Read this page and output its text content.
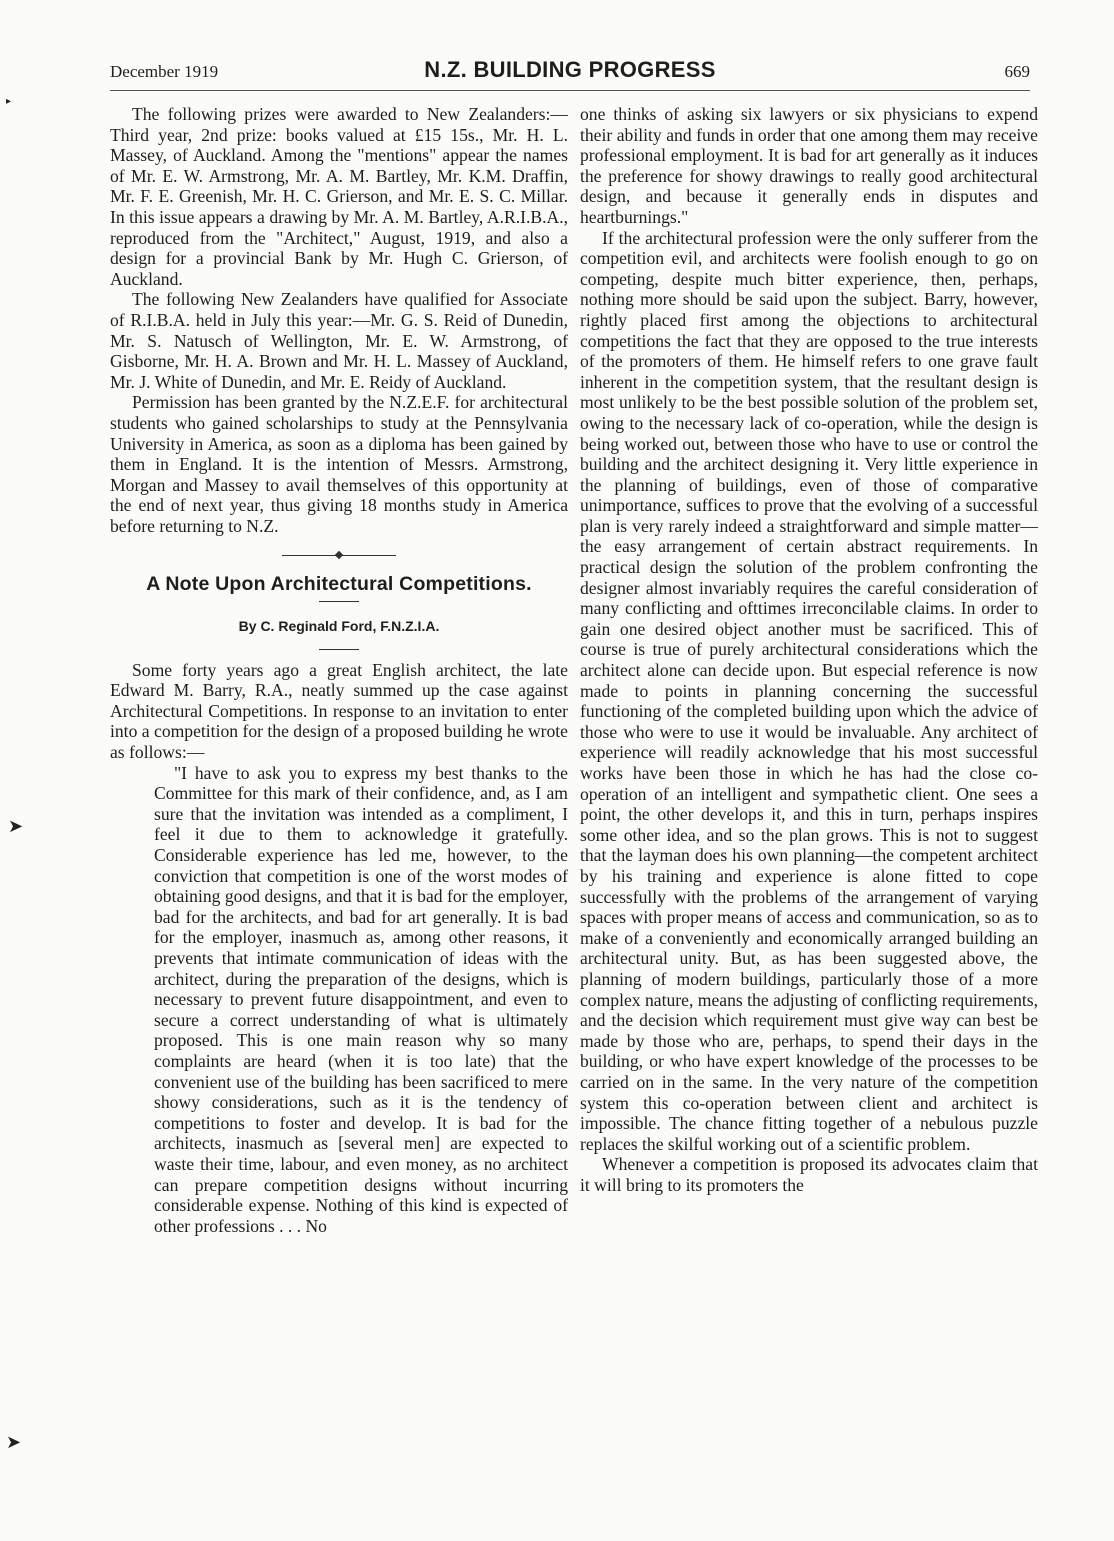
December 1919	N.Z. BUILDING PROGRESS	669
▸
➤
➤

The following prizes were awarded to New Zealanders:—Third year, 2nd prize: books valued at £15 15s., Mr. H. L. Massey, of Auckland. Among the "mentions" appear the names of Mr. E. W. Armstrong, Mr. A. M. Bartley, Mr. K.M. Draffin, Mr. F. E. Greenish, Mr. H. C. Grierson, and Mr. E. S. C. Millar. In this issue appears a drawing by Mr. A. M. Bartley, A.R.I.B.A., reproduced from the "Architect," August, 1919, and also a design for a provincial Bank by Mr. Hugh C. Grierson, of Auckland.

The following New Zealanders have qualified for Associate of R.I.B.A. held in July this year:—Mr. G. S. Reid of Dunedin, Mr. S. Natusch of Wellington, Mr. E. W. Armstrong, of Gisborne, Mr. H. A. Brown and Mr. H. L. Massey of Auckland, Mr. J. White of Dunedin, and Mr. E. Reidy of Auckland.

Permission has been granted by the N.Z.E.F. for architectural students who gained scholarships to study at the Pennsylvania University in America, as soon as a diploma has been gained by them in England. It is the intention of Messrs. Armstrong, Morgan and Massey to avail themselves of this opportunity at the end of next year, thus giving 18 months study in America before returning to N.Z.

A Note Upon Architectural Competitions.
By C. Reginald Ford, F.N.Z.I.A.

Some forty years ago a great English architect, the late Edward M. Barry, R.A., neatly summed up the case against Architectural Competitions. In response to an invitation to enter into a competition for the design of a proposed building he wrote as follows:—

"I have to ask you to express my best thanks to the Committee for this mark of their confidence, and, as I am sure that the invitation was intended as a compliment, I feel it due to them to acknowledge it gratefully. Considerable experience has led me, however, to the conviction that competition is one of the worst modes of obtaining good designs, and that it is bad for the employer, bad for the architects, and bad for art generally. It is bad for the employer, inasmuch as, among other reasons, it prevents that intimate communication of ideas with the architect, during the preparation of the designs, which is necessary to prevent future disappointment, and even to secure a correct understanding of what is ultimately proposed. This is one main reason why so many complaints are heard (when it is too late) that the convenient use of the building has been sacrificed to mere showy considerations, such as it is the tendency of competitions to foster and develop. It is bad for the architects, inasmuch as [several men] are expected to waste their time, labour, and even money, as no architect can prepare competition designs without incurring considerable expense. Nothing of this kind is expected of other professions . . . No

one thinks of asking six lawyers or six physicians to expend their ability and funds in order that one among them may receive professional employment. It is bad for art generally as it induces the preference for showy drawings to really good architectural design, and because it generally ends in disputes and heartburnings."

If the architectural profession were the only sufferer from the competition evil, and architects were foolish enough to go on competing, despite much bitter experience, then, perhaps, nothing more should be said upon the subject. Barry, however, rightly placed first among the objections to architectural competitions the fact that they are opposed to the true interests of the promoters of them. He himself refers to one grave fault inherent in the competition system, that the resultant design is most unlikely to be the best possible solution of the problem set, owing to the necessary lack of co-operation, while the design is being worked out, between those who have to use or control the building and the architect designing it. Very little experience in the planning of buildings, even of those of comparative unimportance, suffices to prove that the evolving of a successful plan is very rarely indeed a straightforward and simple matter—the easy arrangement of certain abstract requirements. In practical design the solution of the problem confronting the designer almost invariably requires the careful consideration of many conflicting and ofttimes irreconcilable claims. In order to gain one desired object another must be sacrificed. This of course is true of purely architectural considerations which the architect alone can decide upon. But especial reference is now made to points in planning concerning the successful functioning of the completed building upon which the advice of those who were to use it would be invaluable. Any architect of experience will readily acknowledge that his most successful works have been those in which he has had the close co-operation of an intelligent and sympathetic client. One sees a point, the other develops it, and this in turn, perhaps inspires some other idea, and so the plan grows. This is not to suggest that the layman does his own planning—the competent architect by his training and experience is alone fitted to cope successfully with the problems of the arrangement of varying spaces with proper means of access and communication, so as to make of a conveniently and economically arranged building an architectural unity. But, as has been suggested above, the planning of modern buildings, particularly those of a more complex nature, means the adjusting of conflicting requirements, and the decision which requirement must give way can best be made by those who are, perhaps, to spend their days in the building, or who have expert knowledge of the processes to be carried on in the same. In the very nature of the competition system this co-operation between client and architect is impossible. The chance fitting together of a nebulous puzzle replaces the skilful working out of a scientific problem.

Whenever a competition is proposed its advocates claim that it will bring to its promoters the
